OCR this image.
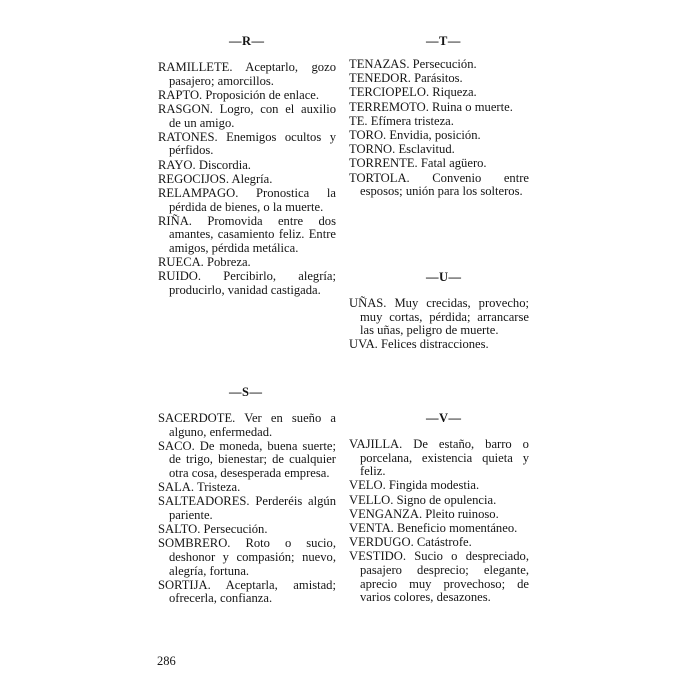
—R—

RAMILLETE. Aceptarlo, gozo pasajero; amorcillos.

RAPTO. Proposición de enlace.

RASGON. Logro, con el auxilio de un amigo.

RATONES. Enemigos ocultos y pérfidos.

RAYO. Discordia.

REGOCIJOS. Alegría.

RELAMPAGO. Pronostica la pérdida de bienes, o la muerte.

RIÑA. Promovida entre dos amantes, casamiento feliz. Entre amigos, pérdida metálica.

RUECA. Pobreza.

RUIDO. Percibirlo, alegría; producirlo, vanidad castigada.

—S—

SACERDOTE. Ver en sueño a alguno, enfermedad.

SACO. De moneda, buena suerte; de trigo, bienestar; de cualquier otra cosa, desesperada empresa.

SALA. Tristeza.

SALTEADORES. Perderéis algún pariente.

SALTO. Persecución.

SOMBRERO. Roto o sucio, deshonor y compasión; nuevo, alegría, fortuna.

SORTIJA. Aceptarla, amistad; ofrecerla, confianza.

—T—

TENAZAS. Persecución.

TENEDOR. Parásitos.

TERCIOPELO. Riqueza.

TERREMOTO. Ruina o muerte.

TE. Efímera tristeza.

TORO. Envidia, posición.

TORNO. Esclavitud.

TORRENTE. Fatal agüero.

TORTOLA. Convenio entre esposos; unión para los solteros.

—U—

UÑAS. Muy crecidas, provecho; muy cortas, pérdida; arrancarse las uñas, peligro de muerte.

UVA. Felices distracciones.

—V—

VAJILLA. De estaño, barro o porcelana, existencia quieta y feliz.

VELO. Fingida modestia.

VELLO. Signo de opulencia.

VENGANZA. Pleito ruinoso.

VENTA. Beneficio momentáneo.

VERDUGO. Catástrofe.

VESTIDO. Sucio o despreciado, pasajero desprecio; elegante, aprecio muy provechoso; de varios colores, desazones.

286
